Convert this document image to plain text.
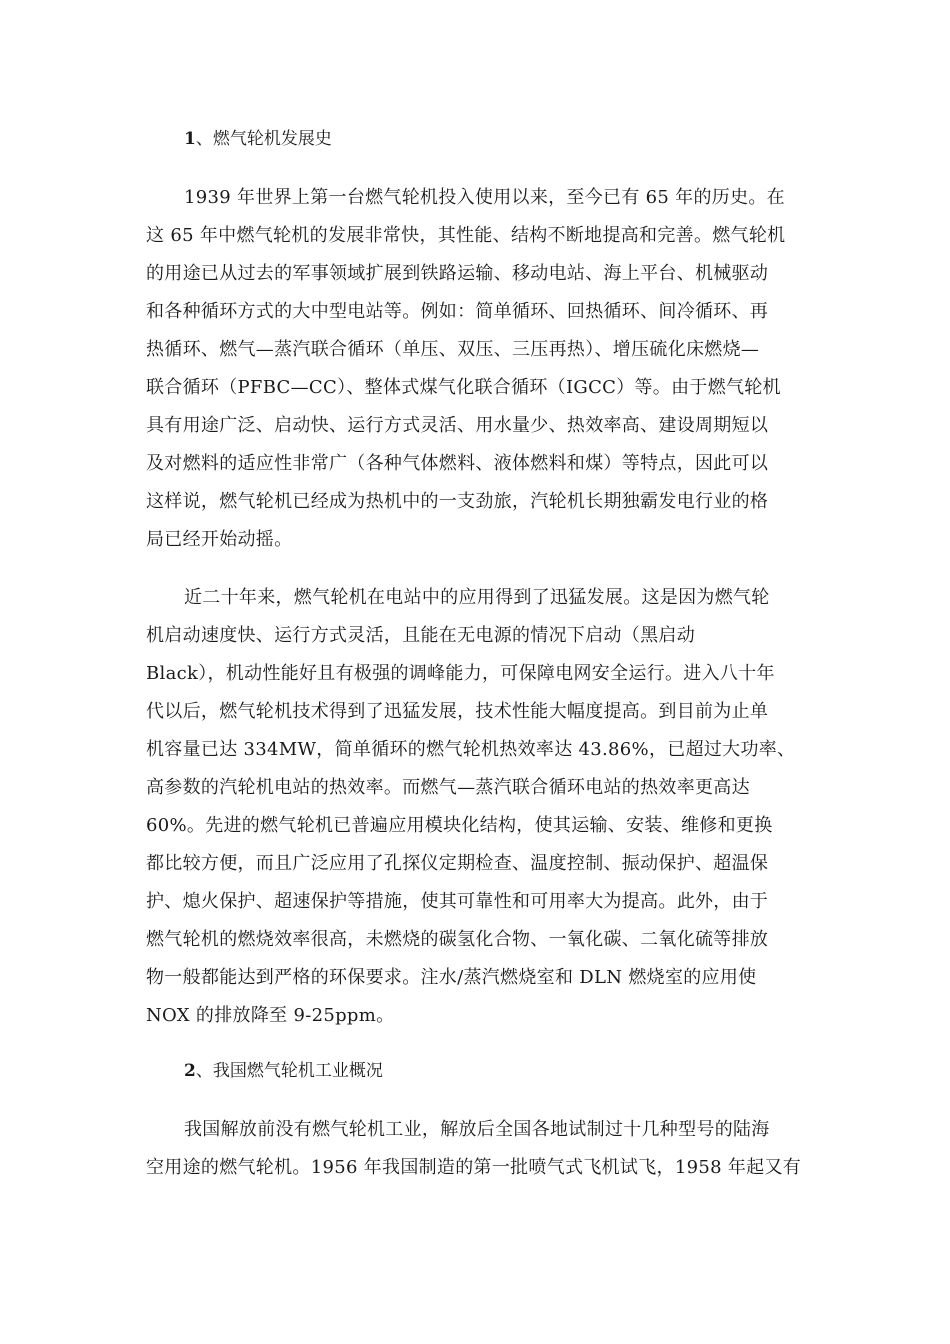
1、燃气轮机发展史
1939 年世界上第一台燃气轮机投入使用以来，至今已有 65 年的历史。在
这 65 年中燃气轮机的发展非常快，其性能、结构不断地提高和完善。燃气轮机
的用途已从过去的军事领域扩展到铁路运输、移动电站、海上平台、机械驱动
和各种循环方式的大中型电站等。例如：简单循环、回热循环、间冷循环、再
热循环、燃气—蒸汽联合循环（单压、双压、三压再热）、增压硫化床燃烧—
联合循环（PFBC—CC）、整体式煤气化联合循环（IGCC）等。由于燃气轮机
具有用途广泛、启动快、运行方式灵活、用水量少、热效率高、建设周期短以
及对燃料的适应性非常广（各种气体燃料、液体燃料和煤）等特点，因此可以
这样说，燃气轮机已经成为热机中的一支劲旅，汽轮机长期独霸发电行业的格
局已经开始动摇。
近二十年来，燃气轮机在电站中的应用得到了迅猛发展。这是因为燃气轮
机启动速度快、运行方式灵活，且能在无电源的情况下启动（黑启动
Black），机动性能好且有极强的调峰能力，可保障电网安全运行。进入八十年
代以后，燃气轮机技术得到了迅猛发展，技术性能大幅度提高。到目前为止单
机容量已达 334MW，简单循环的燃气轮机热效率达 43.86%，已超过大功率、
高参数的汽轮机电站的热效率。而燃气—蒸汽联合循环电站的热效率更高达
60%。先进的燃气轮机已普遍应用模块化结构，使其运输、安装、维修和更换
都比较方便，而且广泛应用了孔探仪定期检查、温度控制、振动保护、超温保
护、熄火保护、超速保护等措施，使其可靠性和可用率大为提高。此外，由于
燃气轮机的燃烧效率很高，未燃烧的碳氢化合物、一氧化碳、二氧化硫等排放
物一般都能达到严格的环保要求。注水/蒸汽燃烧室和 DLN 燃烧室的应用使
NOX 的排放降至 9-25ppm。
2、我国燃气轮机工业概况
我国解放前没有燃气轮机工业，解放后全国各地试制过十几种型号的陆海
空用途的燃气轮机。1956 年我国制造的第一批喷气式飞机试飞，1958 年起又有
